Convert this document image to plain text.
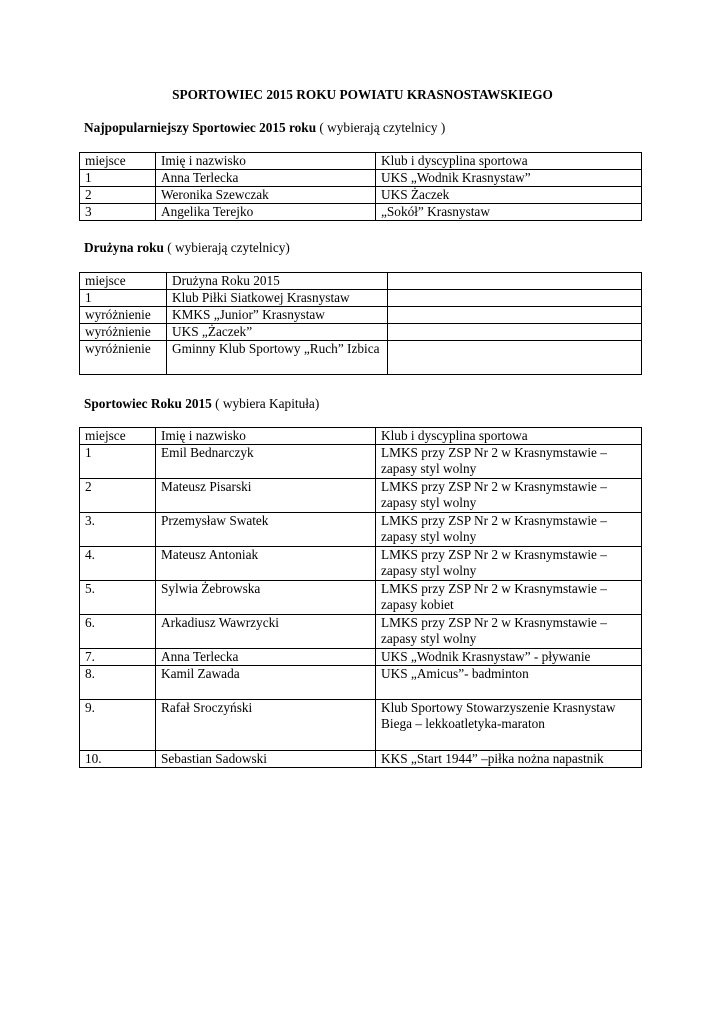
SPORTOWIEC 2015 ROKU POWIATU KRASNOSTAWSKIEGO
Najpopularniejszy Sportowiec 2015 roku ( wybierają czytelnicy )
miejsce	Imię i nazwisko	Klub i dyscyplina sportowa
1	Anna Terlecka	UKS „Wodnik Krasnystaw”
2	Weronika Szewczak	UKS Żaczek
3	Angelika Terejko	„Sokół” Krasnystaw
Drużyna roku ( wybierają czytelnicy)
miejsce	Drużyna Roku 2015	
1	Klub Piłki Siatkowej Krasnystaw	
wyróżnienie	KMKS „Junior” Krasnystaw	
wyróżnienie	UKS „Żaczek”	
wyróżnienie	Gminny Klub Sportowy „Ruch” Izbica	
Sportowiec Roku 2015 ( wybiera Kapituła)
miejsce	Imię i nazwisko	Klub i dyscyplina sportowa
1	Emil Bednarczyk	LMKS przy ZSP Nr 2 w Krasnymstawie – zapasy styl wolny
2	Mateusz Pisarski	LMKS przy ZSP Nr 2 w Krasnymstawie – zapasy styl wolny
3.	Przemysław Swatek	LMKS przy ZSP Nr 2 w Krasnymstawie – zapasy styl wolny
4.	Mateusz Antoniak	LMKS przy ZSP Nr 2 w Krasnymstawie – zapasy styl wolny
5.	Sylwia Żebrowska	LMKS przy ZSP Nr 2 w Krasnymstawie – zapasy kobiet
6.	Arkadiusz Wawrzycki	LMKS przy ZSP Nr 2 w Krasnymstawie – zapasy styl wolny
7.	Anna Terlecka	UKS „Wodnik Krasnystaw” - pływanie
8.	Kamil Zawada	UKS „Amicus”- badminton
9.	Rafał Sroczyński	Klub Sportowy Stowarzyszenie Krasnystaw Biega – lekkoatletyka-maraton
10.	Sebastian Sadowski	KKS „Start 1944” –piłka nożna napastnik
